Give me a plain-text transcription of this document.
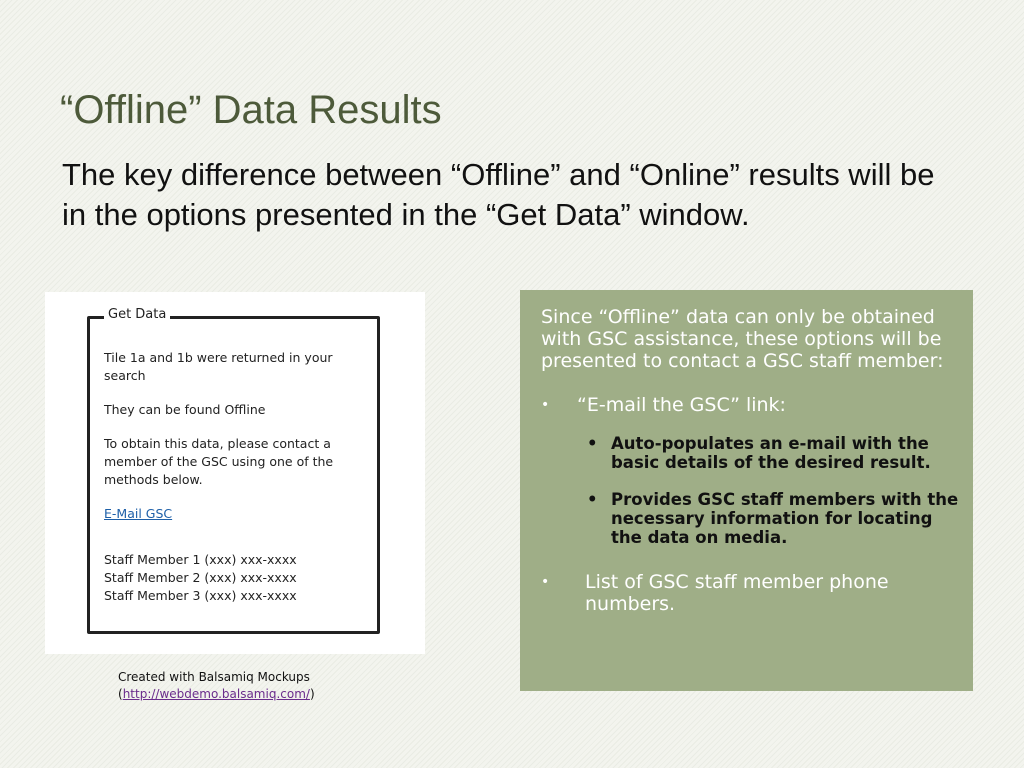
“Offline” Data Results
The key difference between “Offline” and “Online” results will be in the options presented in the “Get Data” window.
Get Data

Tile 1a and 1b were returned in your search

They can be found Offline

To obtain this data, please contact a member of the GSC using one of the methods below.

E-Mail GSC
Staff Member 1 (xxx) xxx-xxxx
Staff Member 2 (xxx) xxx-xxxx
Staff Member 3 (xxx) xxx-xxxx
Created with Balsamiq Mockups
(http://webdemo.balsamiq.com/)

Since “Offline” data can only be obtained with GSC assistance, these options will be presented to contact a GSC staff member:

• “E-mail the GSC” link:
• Auto-populates an e-mail with the basic details of the desired result.
• Provides GSC staff members with the necessary information for locating the data on media.
• List of GSC staff member phone numbers.
